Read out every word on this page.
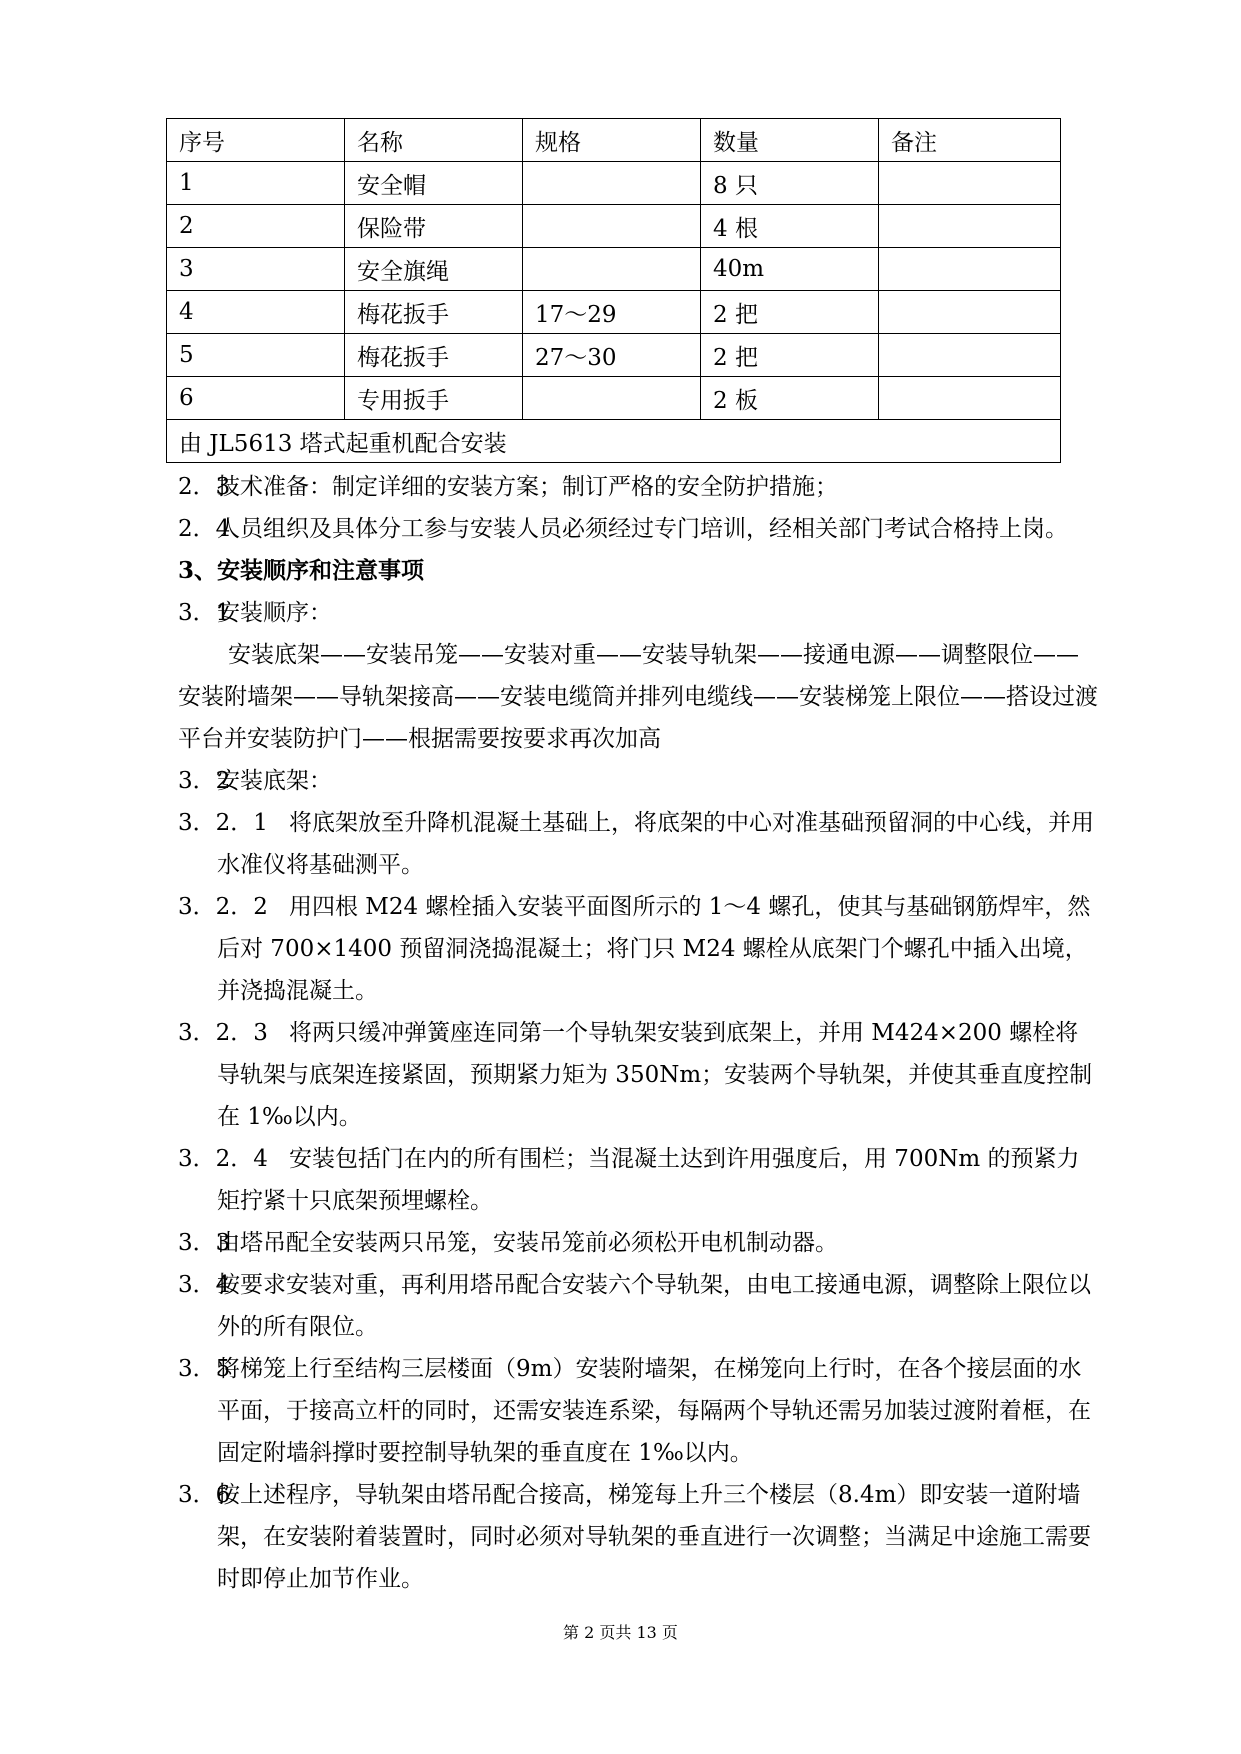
序号	名称	规格	数量	备注
1	安全帽		8 只	
2	保险带		4 根	
3	安全旗绳		40m	
4	梅花扳手	17～29	2 把	
5	梅花扳手	27～30	2 把	
6	专用扳手		2 板	
由 JL5613 塔式起重机配合安装				

2．3
技术准备：制定详细的安装方案；制订严格的安全防护措施；

2．4
人员组织及具体分工参与安装人员必须经过专门培训，经相关部门考试合格持上岗。

3、安装顺序和注意事项

3．1
安装顺序：

安装底架——安装吊笼——安装对重——安装导轨架——接通电源——调整限位——安装附墙架——导轨架接高——安装电缆筒并排列电缆线——安装梯笼上限位——搭设过渡平台并安装防护门——根据需要按要求再次加高

3．2
安装底架：

3．2．1 将底架放至升降机混凝土基础上，将底架的中心对准基础预留洞的中心线，并用水准仪将基础测平。

3．2．2 用四根 M24 螺栓插入安装平面图所示的 1～4 螺孔，使其与基础钢筋焊牢，然后对 700×1400 预留洞浇捣混凝土；将门只 M24 螺栓从底架门个螺孔中插入出境，并浇捣混凝土。

3．2．3 将两只缓冲弹簧座连同第一个导轨架安装到底架上，并用 M424×200 螺栓将导轨架与底架连接紧固，预期紧力矩为 350Nm；安装两个导轨架，并使其垂直度控制在 1‰以内。

3．2．4 安装包括门在内的所有围栏；当混凝土达到许用强度后，用 700Nm 的预紧力矩拧紧十只底架预埋螺栓。

3．3
由塔吊配全安装两只吊笼，安装吊笼前必须松开电机制动器。

3．4
按要求安装对重，再利用塔吊配合安装六个导轨架，由电工接通电源，调整除上限位以外的所有限位。

3．5
将梯笼上行至结构三层楼面（9m）安装附墙架，在梯笼向上行时，在各个接层面的水平面，于接高立杆的同时，还需安装连系梁，每隔两个导轨还需另加装过渡附着框，在固定附墙斜撑时要控制导轨架的垂直度在 1‰以内。

3．6
按上述程序，导轨架由塔吊配合接高，梯笼每上升三个楼层（8.4m）即安装一道附墙架，在安装附着装置时，同时必须对导轨架的垂直进行一次调整；当满足中途施工需要时即停止加节作业。

第 2 页共 13 页
